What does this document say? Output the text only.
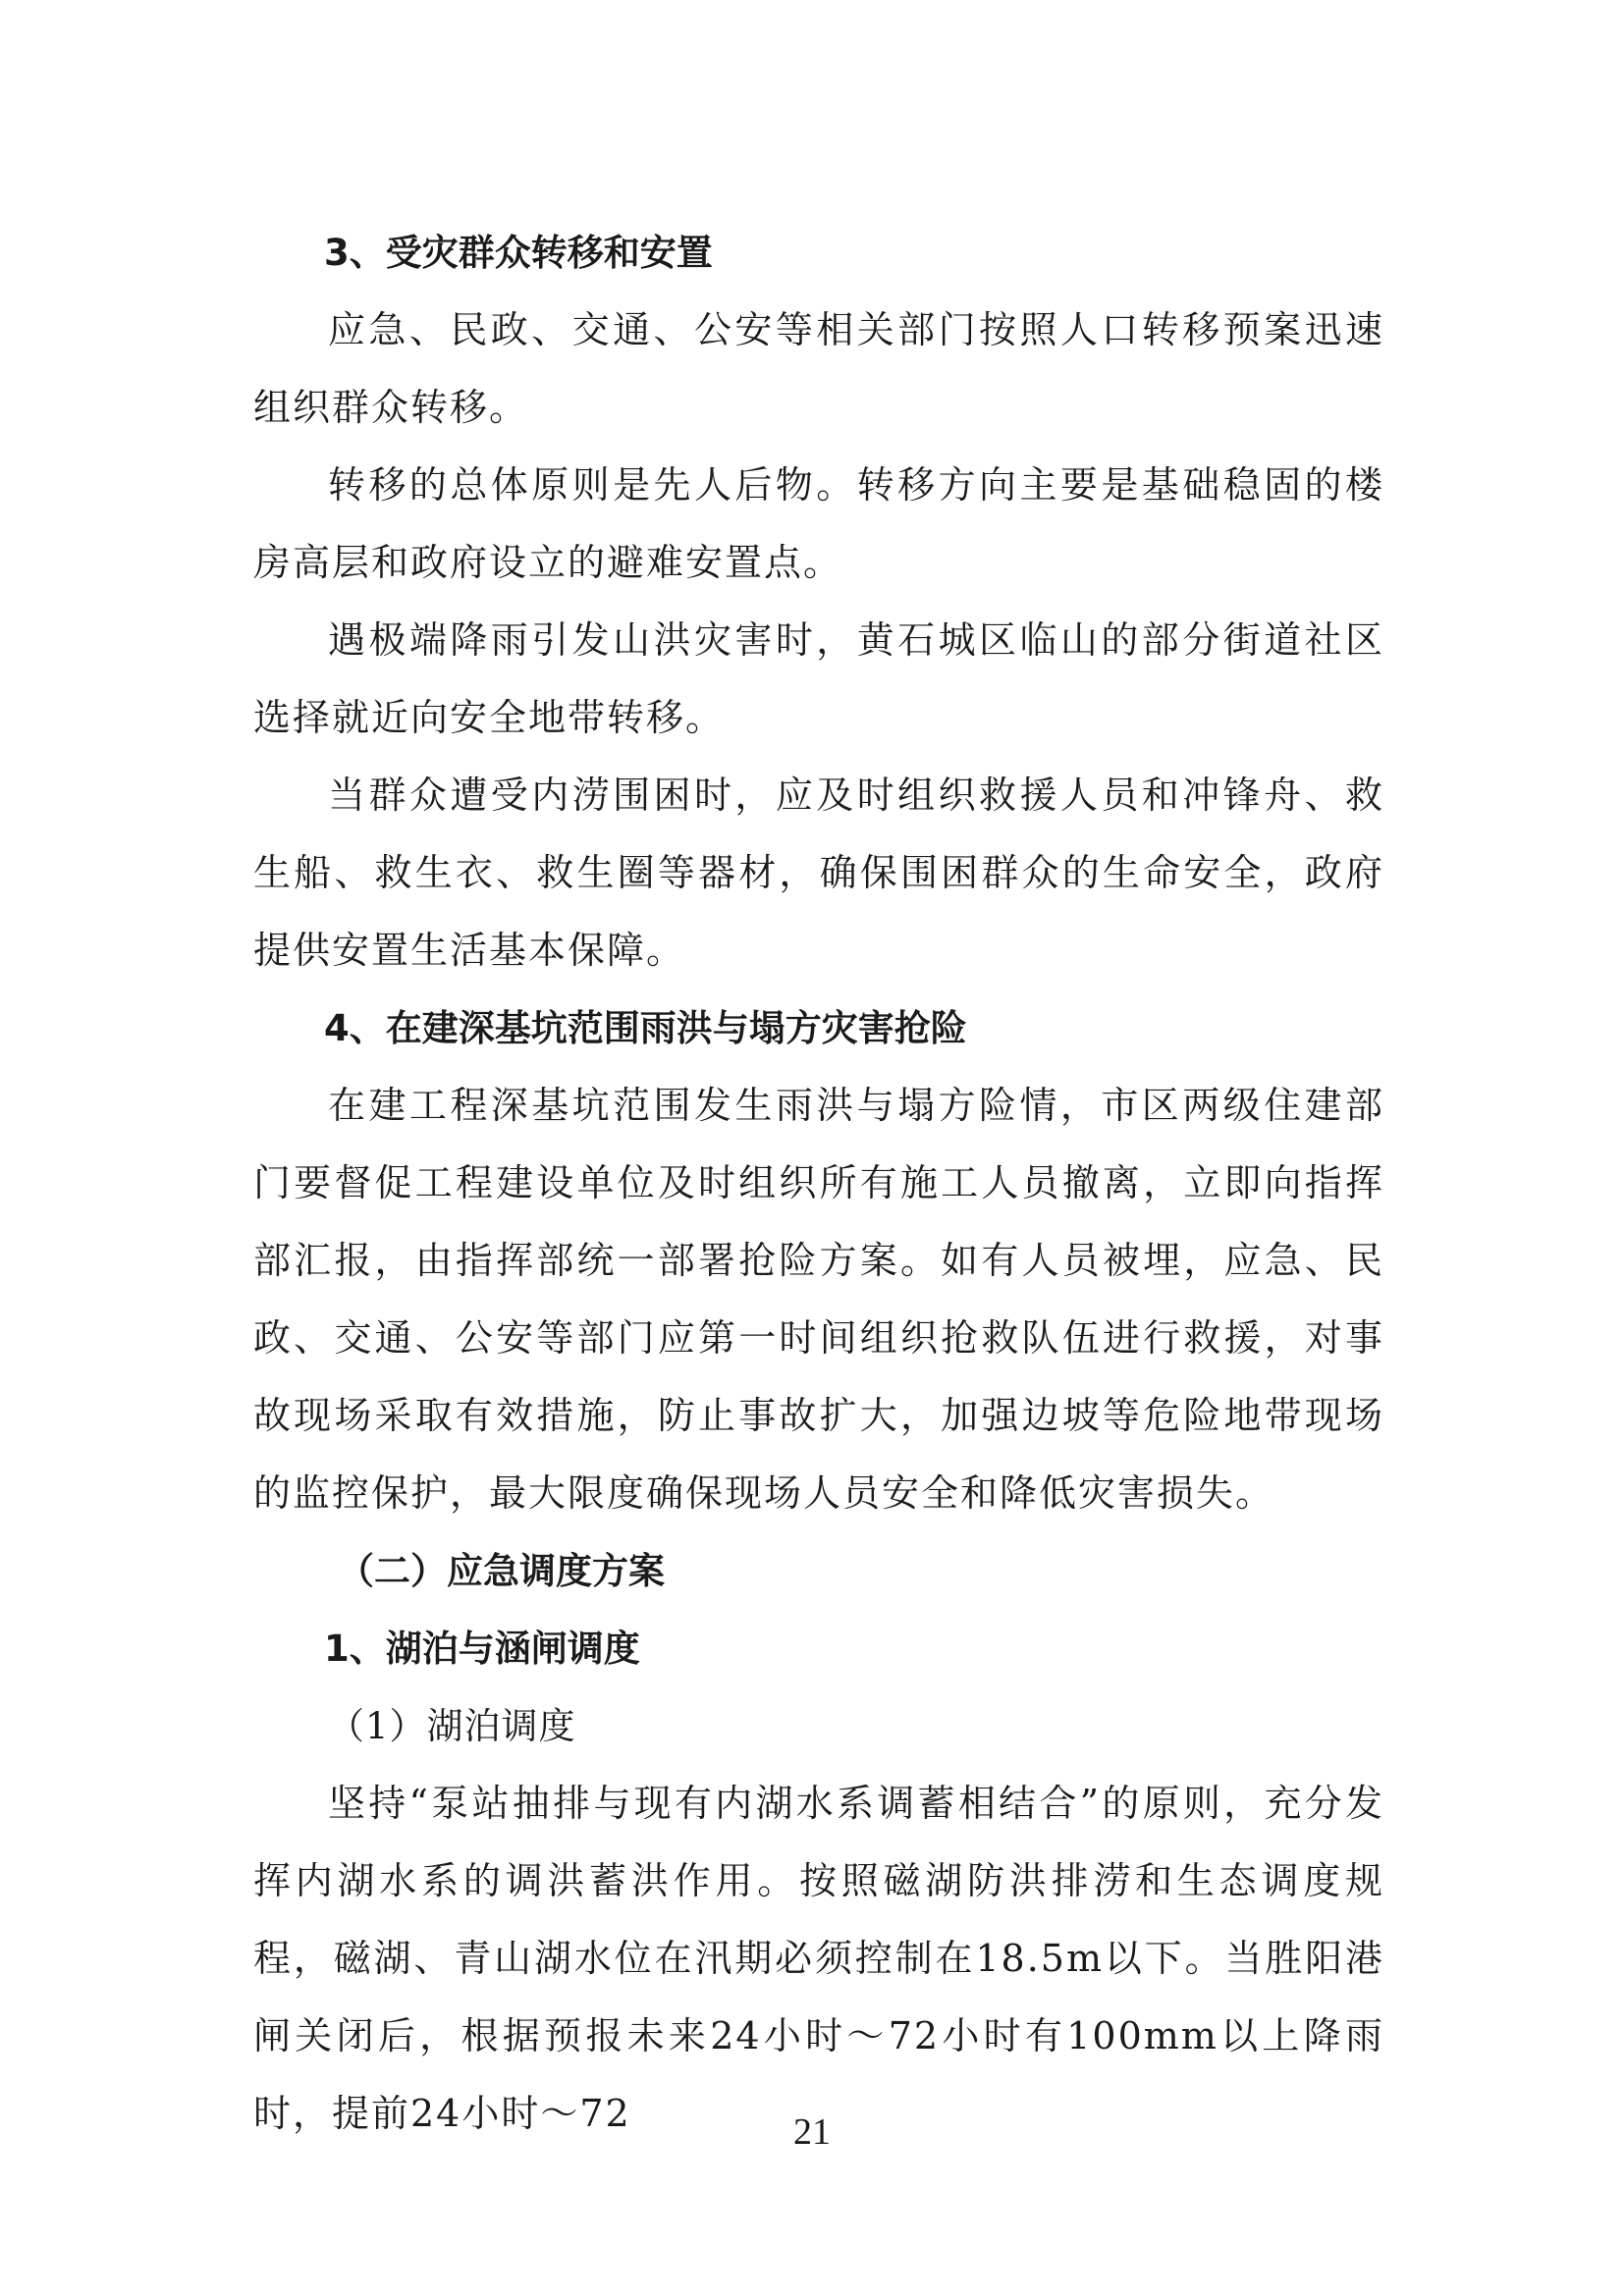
3、受灾群众转移和安置

应急、民政、交通、公安等相关部门按照人口转移预案迅速组织群众转移。

转移的总体原则是先人后物。转移方向主要是基础稳固的楼房高层和政府设立的避难安置点。

遇极端降雨引发山洪灾害时，黄石城区临山的部分街道社区选择就近向安全地带转移。

当群众遭受内涝围困时，应及时组织救援人员和冲锋舟、救生船、救生衣、救生圈等器材，确保围困群众的生命安全，政府提供安置生活基本保障。

4、在建深基坑范围雨洪与塌方灾害抢险

在建工程深基坑范围发生雨洪与塌方险情，市区两级住建部门要督促工程建设单位及时组织所有施工人员撤离，立即向指挥部汇报，由指挥部统一部署抢险方案。如有人员被埋，应急、民政、交通、公安等部门应第一时间组织抢救队伍进行救援，对事故现场采取有效措施，防止事故扩大，加强边坡等危险地带现场的监控保护，最大限度确保现场人员安全和降低灾害损失。

（二）应急调度方案
1、湖泊与涵闸调度

（1）湖泊调度

坚持“泵站抽排与现有内湖水系调蓄相结合”的原则，充分发挥内湖水系的调洪蓄洪作用。按照磁湖防洪排涝和生态调度规程，磁湖、青山湖水位在汛期必须控制在18.5m以下。当胜阳港闸关闭后，根据预报未来24小时～72小时有100mm以上降雨时，提前24小时～72	21
